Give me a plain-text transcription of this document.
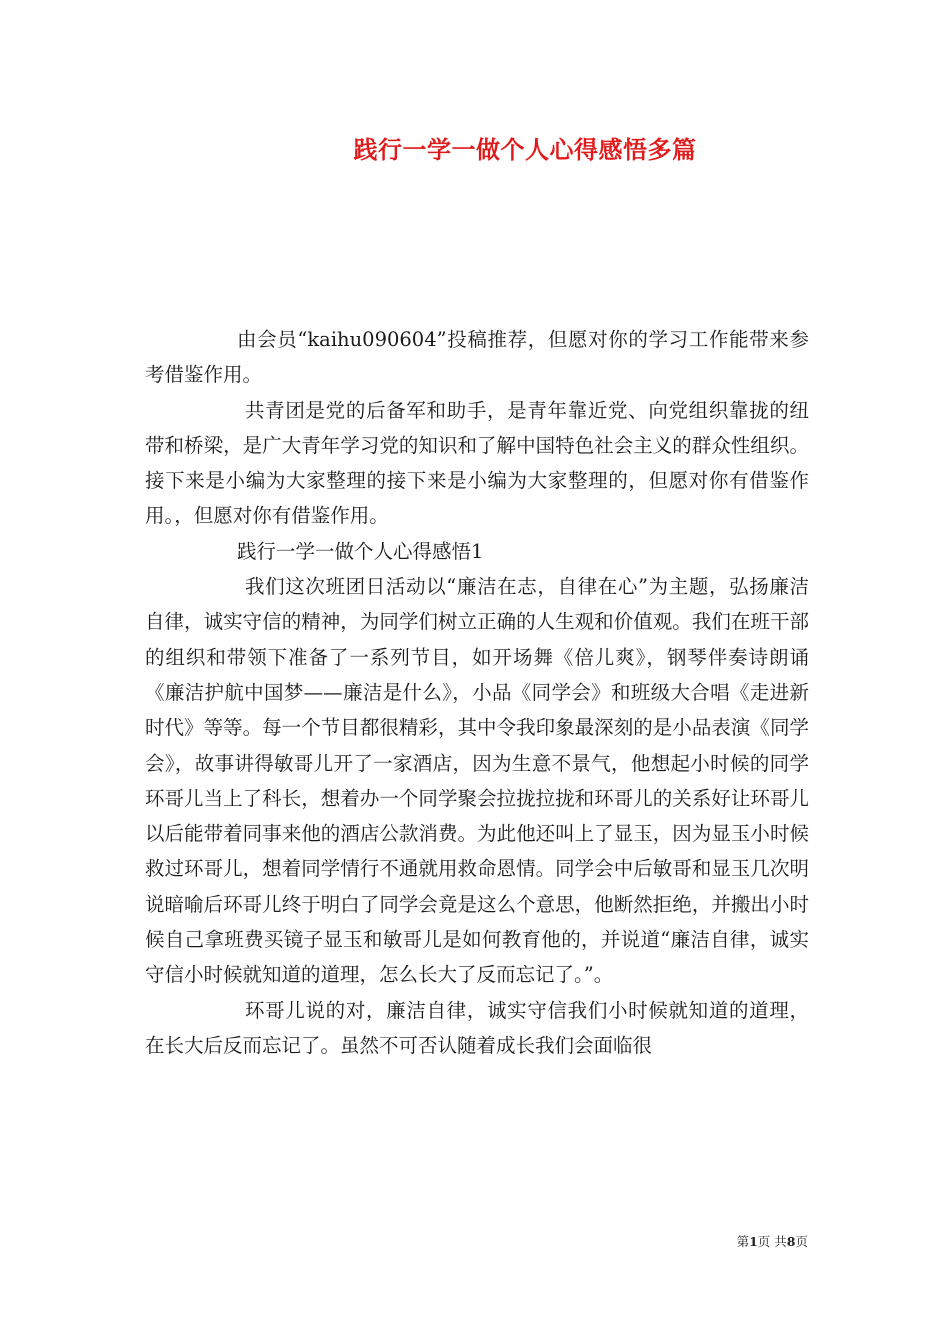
践行一学一做个人心得感悟多篇

由会员“kaihu090604”投稿推荐，但愿对你的学习工作能带来参考借鉴作用。

共青团是党的后备军和助手，是青年靠近党、向党组织靠拢的纽带和桥梁，是广大青年学习党的知识和了解中国特色社会主义的群众性组织。接下来是小编为大家整理的接下来是小编为大家整理的，但愿对你有借鉴作用。，但愿对你有借鉴作用。

践行一学一做个人心得感悟1

我们这次班团日活动以“廉洁在志，自律在心”为主题，弘扬廉洁自律，诚实守信的精神，为同学们树立正确的人生观和价值观。我们在班干部的组织和带领下准备了一系列节目，如开场舞《倍儿爽》，钢琴伴奏诗朗诵《廉洁护航中国梦——廉洁是什么》，小品《同学会》和班级大合唱《走进新时代》等等。每一个节目都很精彩，其中令我印象最深刻的是小品表演《同学会》，故事讲得敏哥儿开了一家酒店，因为生意不景气，他想起小时候的同学环哥儿当上了科长，想着办一个同学聚会拉拢拉拢和环哥儿的关系好让环哥儿以后能带着同事来他的酒店公款消费。为此他还叫上了显玉，因为显玉小时候救过环哥儿，想着同学情行不通就用救命恩情。同学会中后敏哥和显玉几次明说暗喻后环哥儿终于明白了同学会竟是这么个意思，他断然拒绝，并搬出小时候自己拿班费买镜子显玉和敏哥儿是如何教育他的，并说道“廉洁自律，诚实守信小时候就知道的道理，怎么长大了反而忘记了。”。

环哥儿说的对，廉洁自律，诚实守信我们小时候就知道的道理，在长大后反而忘记了。虽然不可否认随着成长我们会面临很

第1页 共8页
